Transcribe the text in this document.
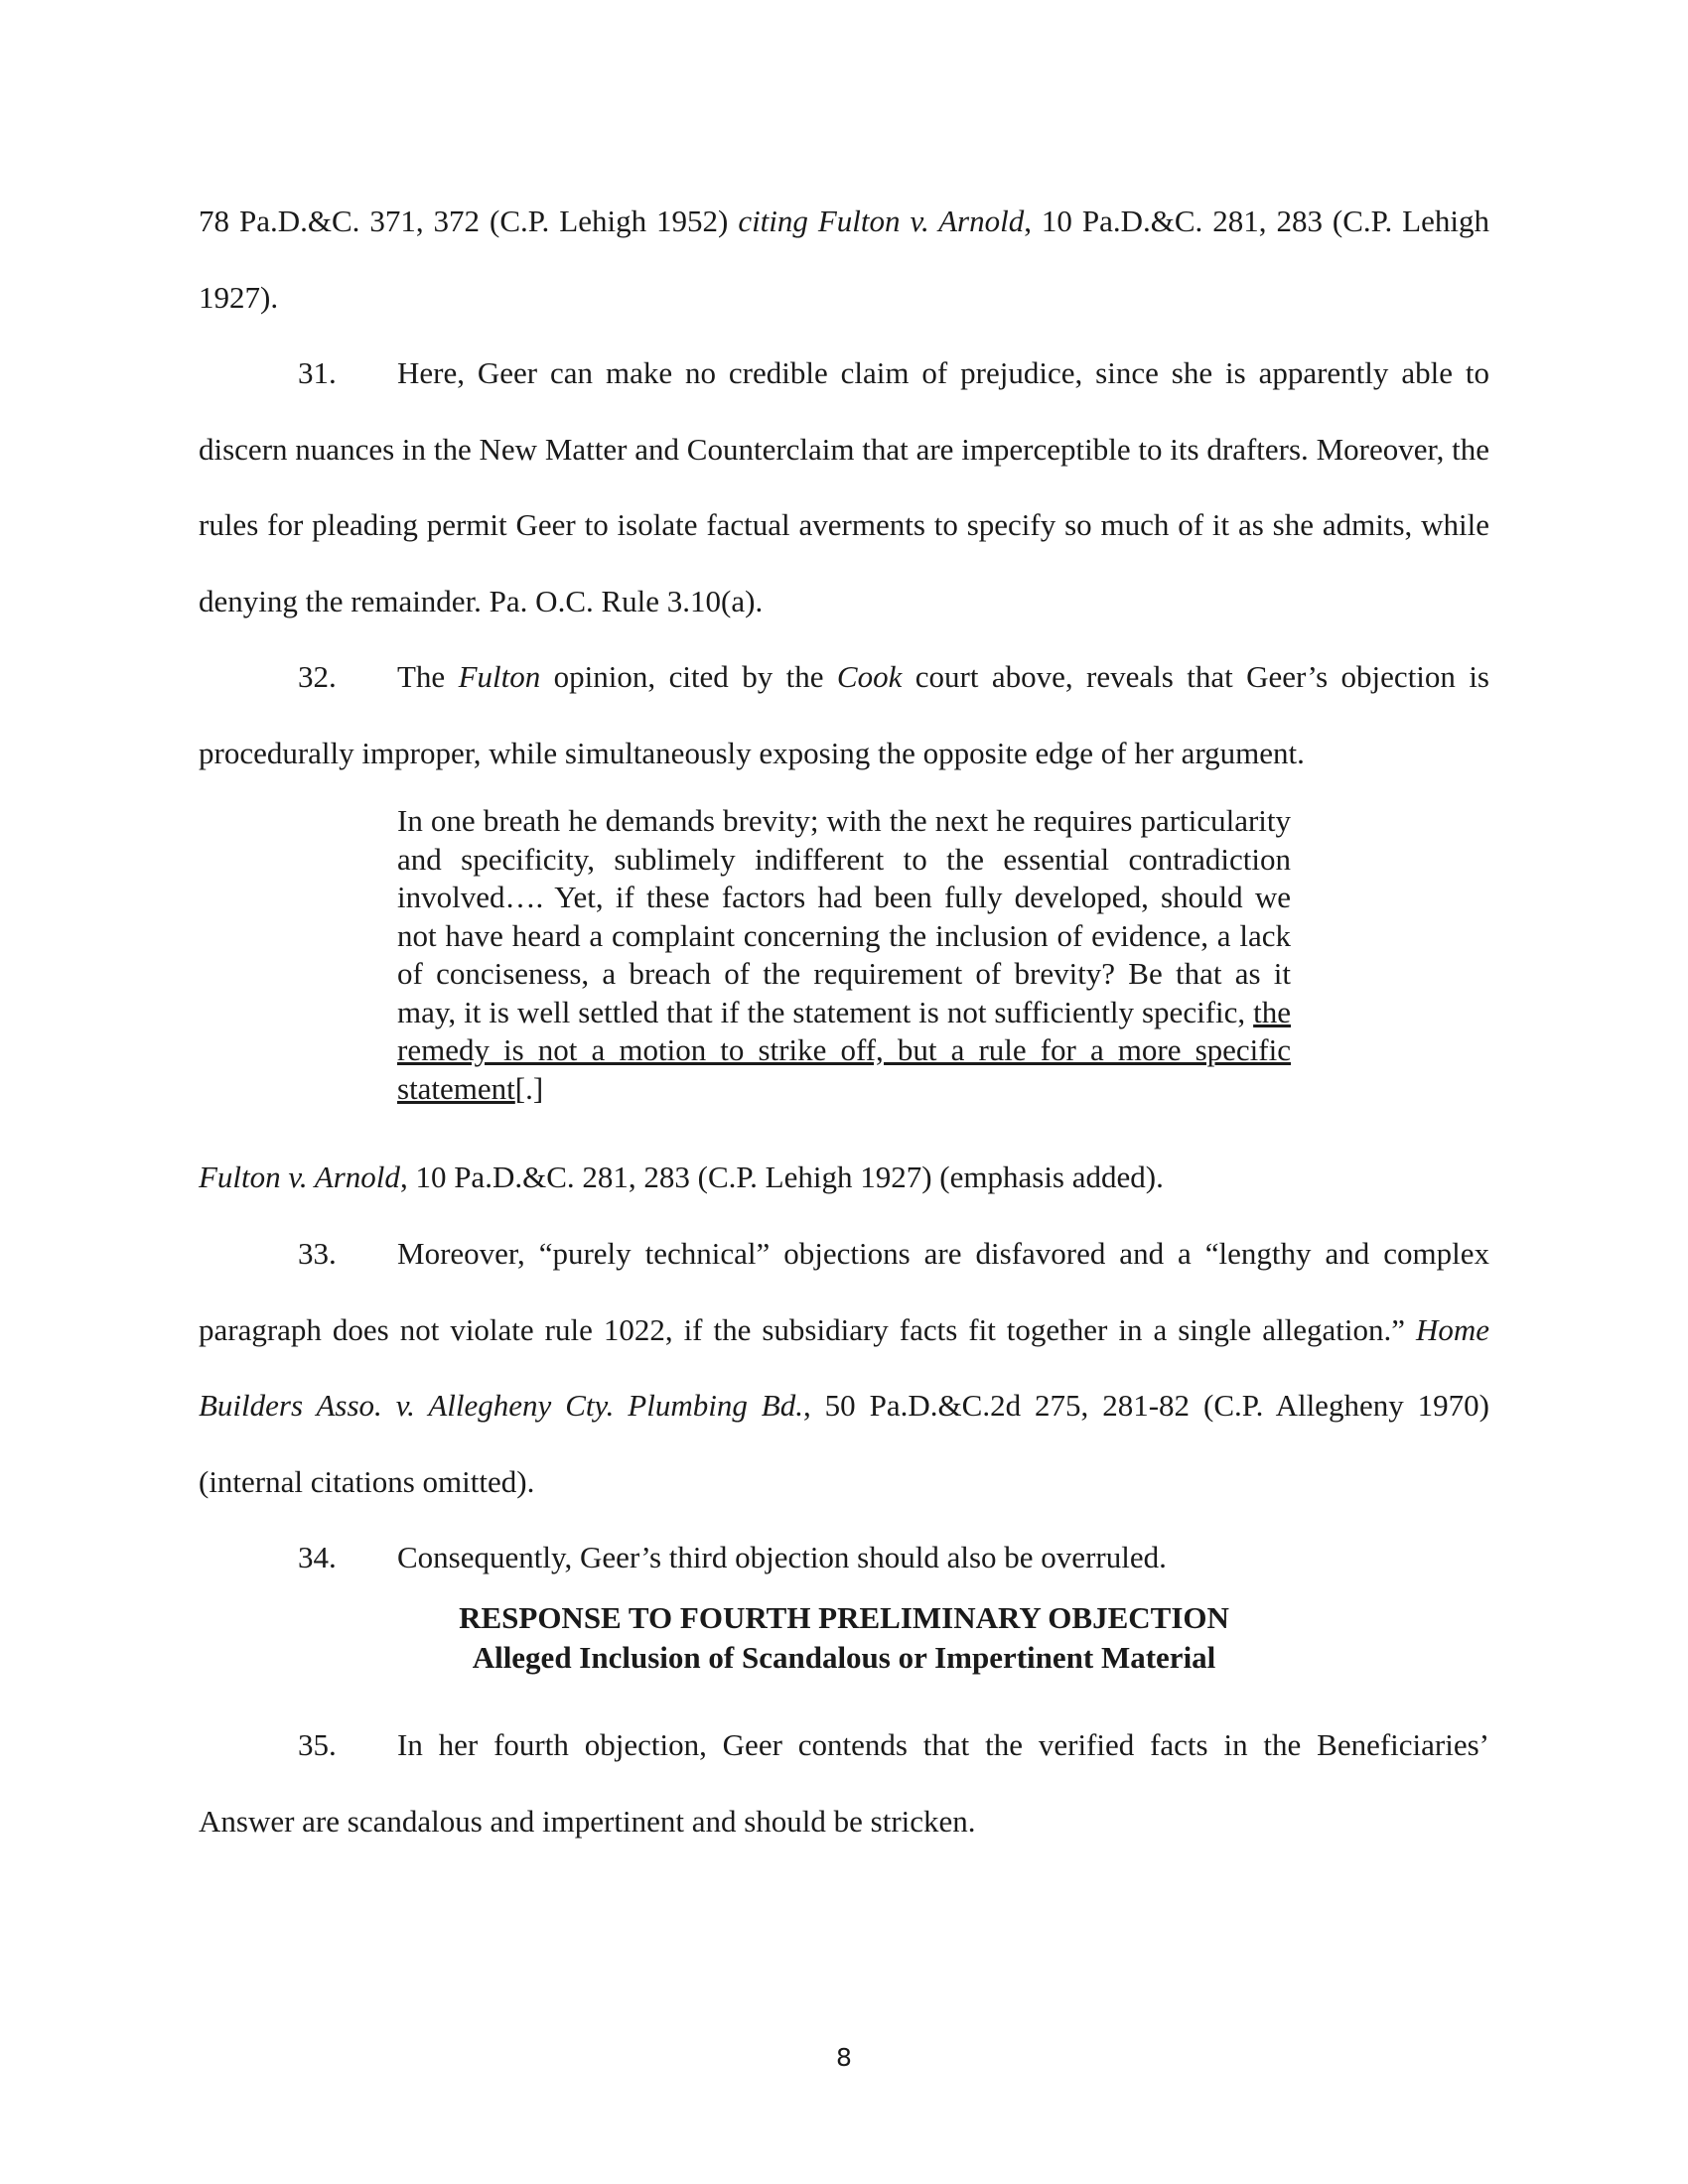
78 Pa.D.&C. 371, 372 (C.P. Lehigh 1952) citing Fulton v. Arnold, 10 Pa.D.&C. 281, 283 (C.P. Lehigh 1927).

31. Here, Geer can make no credible claim of prejudice, since she is apparently able to discern nuances in the New Matter and Counterclaim that are imperceptible to its drafters. Moreover, the rules for pleading permit Geer to isolate factual averments to specify so much of it as she admits, while denying the remainder. Pa. O.C. Rule 3.10(a).

32. The Fulton opinion, cited by the Cook court above, reveals that Geer’s objection is procedurally improper, while simultaneously exposing the opposite edge of her argument.

In one breath he demands brevity; with the next he requires particularity and specificity, sublimely indifferent to the essential contradiction involved…. Yet, if these factors had been fully developed, should we not have heard a complaint concerning the inclusion of evidence, a lack of conciseness, a breach of the requirement of brevity? Be that as it may, it is well settled that if the statement is not sufficiently specific, the remedy is not a motion to strike off, but a rule for a more specific statement[.]

Fulton v. Arnold, 10 Pa.D.&C. 281, 283 (C.P. Lehigh 1927) (emphasis added).

33. Moreover, “purely technical” objections are disfavored and a “lengthy and complex paragraph does not violate rule 1022, if the subsidiary facts fit together in a single allegation.” Home Builders Asso. v. Allegheny Cty. Plumbing Bd., 50 Pa.D.&C.2d 275, 281-82 (C.P. Allegheny 1970) (internal citations omitted).

34. Consequently, Geer’s third objection should also be overruled.

RESPONSE TO FOURTH PRELIMINARY OBJECTION
Alleged Inclusion of Scandalous or Impertinent Material

35. In her fourth objection, Geer contends that the verified facts in the Beneficiaries’ Answer are scandalous and impertinent and should be stricken.

8
